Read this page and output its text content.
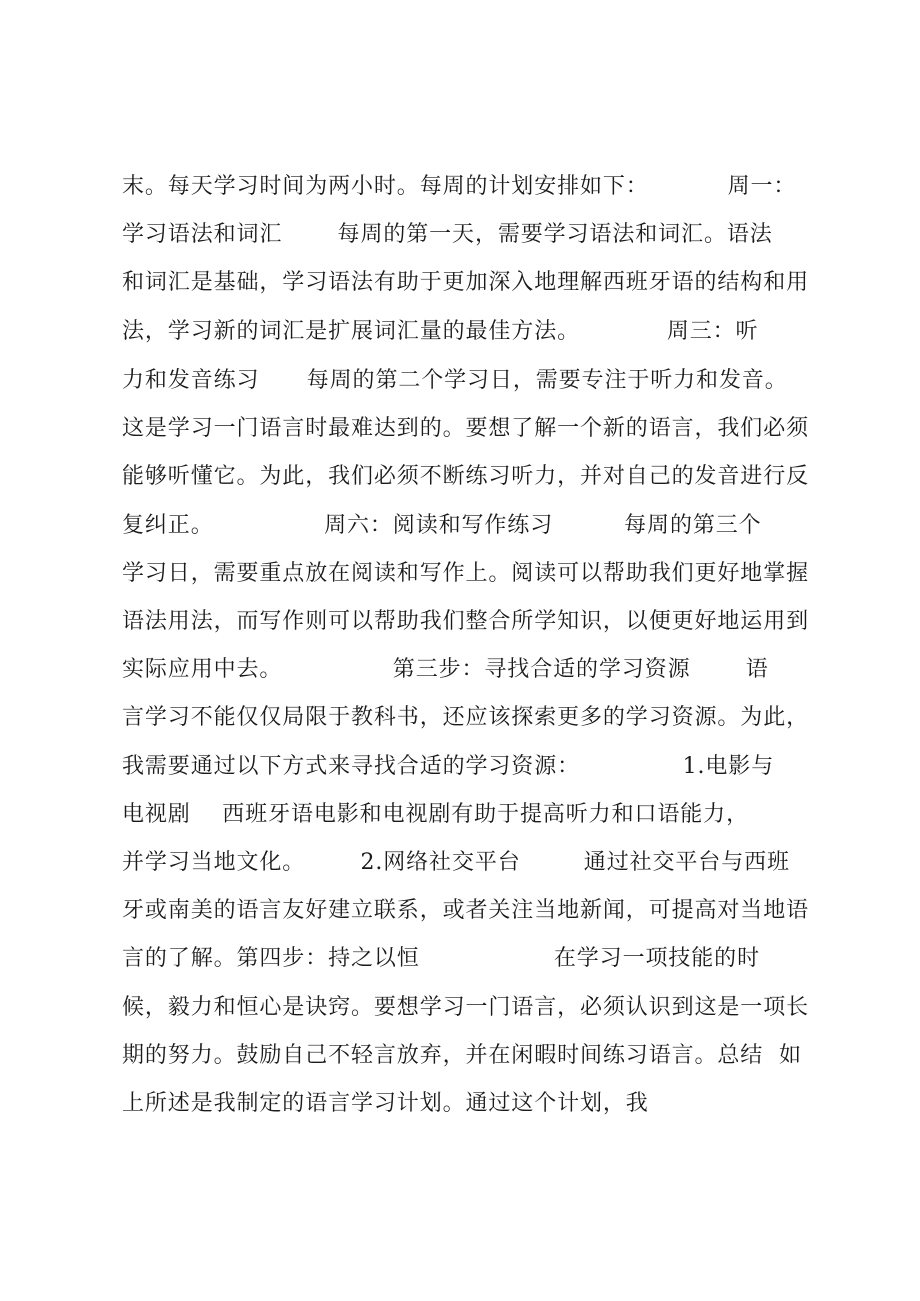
末。每天学习时间为两小时。每周的计划安排如下：          周一：
学习语法和词汇       每周的第一天，需要学习语法和词汇。语法
和词汇是基础，学习语法有助于更加深入地理解西班牙语的结构和用
法，学习新的词汇是扩展词汇量的最佳方法。           周三：听
力和发音练习      每周的第二个学习日，需要专注于听力和发音。
这是学习一门语言时最难达到的。要想了解一个新的语言，我们必须
能够听懂它。为此，我们必须不断练习听力，并对自己的发音进行反
复纠正。              周六：阅读和写作练习         每周的第三个
学习日，需要重点放在阅读和写作上。阅读可以帮助我们更好地掌握
语法用法，而写作则可以帮助我们整合所学知识，以便更好地运用到
实际应用中去。              第三步：寻找合适的学习资源       语
言学习不能仅仅局限于教科书，还应该探索更多的学习资源。为此，
我需要通过以下方式来寻找合适的学习资源：             1.电影与
电视剧    西班牙语电影和电视剧有助于提高听力和口语能力，
并学习当地文化。       2.网络社交平台        通过社交平台与西班
牙或南美的语言友好建立联系，或者关注当地新闻，可提高对当地语
言的了解。第四步：持之以恒                 在学习一项技能的时
候，毅力和恒心是诀窍。要想学习一门语言，必须认识到这是一项长
期的努力。鼓励自己不轻言放弃，并在闲暇时间练习语言。总结  如
上所述是我制定的语言学习计划。通过这个计划，我
